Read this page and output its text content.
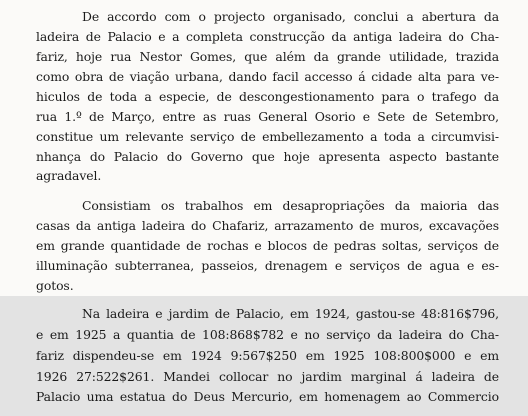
De accordo com o projecto organisado, conclui a abertura da
ladeira de Palacio e a completa construcção da antiga ladeira do Cha-
fariz, hoje rua Nestor Gomes, que além da grande utilidade, trazida
como obra de viação urbana, dando facil accesso á cidade alta para ve-
hiculos de toda a especie, de descongestionamento para o trafego da
rua 1.º de Março, entre as ruas General Osorio e Sete de Setembro,
constitue um relevante serviço de embellezamento a toda a circumvisi-
nhança do Palacio do Governo que hoje apresenta aspecto bastante
agradavel.
Consistiam os trabalhos em desapropriações da maioria das
casas da antiga ladeira do Chafariz, arrazamento de muros, excavações
em grande quantidade de rochas e blocos de pedras soltas, serviços de
illuminação subterranea, passeios, drenagem e serviços de agua e es-
gotos.
Na ladeira e jardim de Palacio, em 1924, gastou-se 48:816$796,
e em 1925 a quantia de 108:868$782 e no serviço da ladeira do Cha-
fariz dispendeu-se em 1924 9:567$250 em 1925 108:800$000 e em
1926 27:522$261. Mandei collocar no jardim marginal á ladeira de
Palacio uma estatua do Deus Mercurio, em homenagem ao Commercio
